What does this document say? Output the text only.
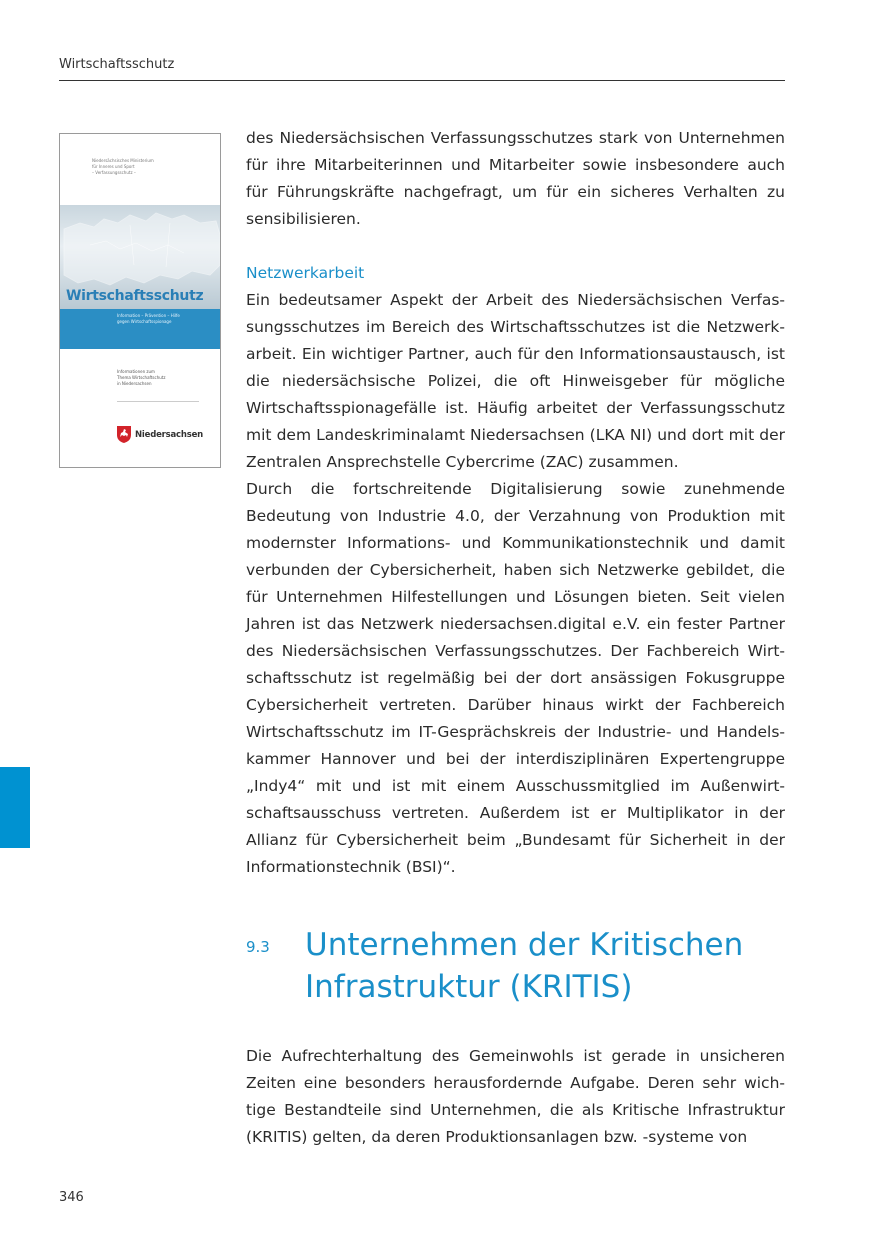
Wirtschaftsschutz
Niedersächsisches Ministerium
für Inneres und Sport
– Verfassungsschutz –
Wirtschaftsschutz
Information – Prävention – Hilfe
gegen Wirtschaftsspionage
Informationen zum
Thema Wirtschaftschutz
in Niedersachsen
Niedersachsen
des Niedersächsischen Verfassungsschutzes stark von Unternehmen für ihre Mitarbeiterinnen und Mitarbeiter sowie insbesondere auch für Führungskräfte nachgefragt, um für ein sicheres Verhalten zu sensibilisieren.
Netzwerkarbeit
Ein bedeutsamer Aspekt der Arbeit des Niedersächsischen Verfassungsschutzes im Bereich des Wirtschaftsschutzes ist die Netzwerkarbeit. Ein wichtiger Partner, auch für den Informationsaustausch, ist die niedersächsische Polizei, die oft Hinweisgeber für mögliche Wirtschaftsspionagefälle ist. Häufig arbeitet der Verfassungsschutz mit dem Landeskriminalamt Niedersachsen (LKA NI) und dort mit der Zentralen Ansprechstelle Cybercrime (ZAC) zusammen.
Durch die fortschreitende Digitalisierung sowie zunehmende Bedeutung von Industrie 4.0, der Verzahnung von Produktion mit modernster Informations- und Kommunikationstechnik und damit verbunden der Cybersicherheit, haben sich Netzwerke gebildet, die für Unternehmen Hilfestellungen und Lösungen bieten. Seit vielen Jahren ist das Netzwerk niedersachsen.digital e.V. ein fester Partner des Niedersächsischen Verfassungsschutzes. Der Fachbereich Wirtschaftsschutz ist regelmäßig bei der dort ansässigen Fokusgruppe Cybersicherheit vertreten. Darüber hinaus wirkt der Fachbereich Wirtschaftsschutz im IT-Gesprächskreis der Industrie- und Handelskammer Hannover und bei der interdisziplinären Expertengruppe „Indy4“ mit und ist mit einem Ausschussmitglied im Außenwirtschaftsausschuss vertreten. Außerdem ist er Multiplikator in der Allianz für Cybersicherheit beim „Bundesamt für Sicherheit in der Informationstechnik (BSI)“.
9.3 Unternehmen der Kritischen
Infrastruktur (KRITIS)
Die Aufrechterhaltung des Gemeinwohls ist gerade in unsicheren Zeiten eine besonders herausfordernde Aufgabe. Deren sehr wichtige Bestandteile sind Unternehmen, die als Kritische Infrastruktur (KRITIS) gelten, da deren Produktionsanlagen bzw. -systeme von
346
